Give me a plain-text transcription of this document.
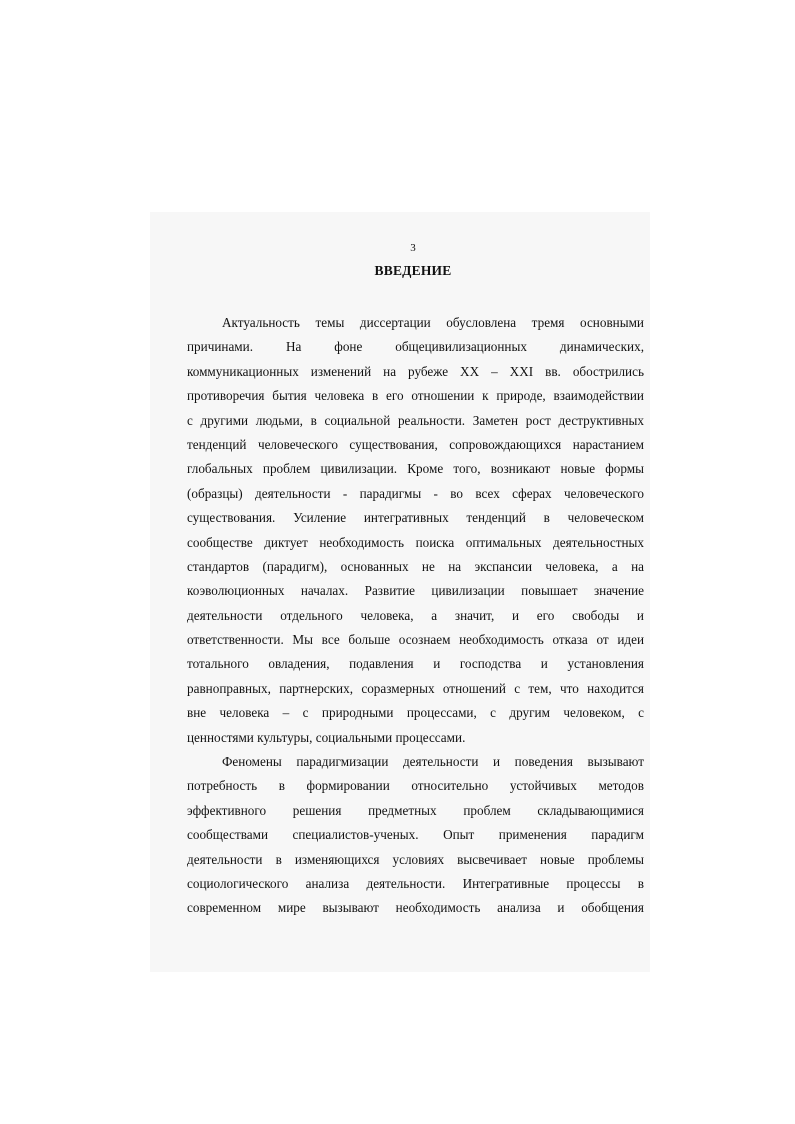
3
ВВЕДЕНИЕ
Актуальность темы диссертации обусловлена тремя основными
причинами. На фоне общецивилизационных динамических,
коммуникационных изменений на рубеже XX – XXI вв. обострились
противоречия бытия человека в его отношении к природе, взаимодействии
с другими людьми, в социальной реальности. Заметен рост деструктивных
тенденций человеческого существования, сопровождающихся нарастанием
глобальных проблем цивилизации. Кроме того, возникают новые формы
(образцы) деятельности - парадигмы - во всех сферах человеческого
существования. Усиление интегративных тенденций в человеческом
сообществе диктует необходимость поиска оптимальных деятельностных
стандартов (парадигм), основанных не на экспансии человека, а на
коэволюционных началах. Развитие цивилизации повышает значение
деятельности отдельного человека, а значит, и его свободы и
ответственности. Мы все больше осознаем необходимость отказа от идеи
тотального овладения, подавления и господства и установления
равноправных, партнерских, соразмерных отношений с тем, что находится
вне человека – с природными процессами, с другим человеком, с
ценностями культуры, социальными процессами.
Феномены парадигмизации деятельности и поведения вызывают
потребность в формировании относительно устойчивых методов
эффективного решения предметных проблем складывающимися
сообществами специалистов-ученых. Опыт применения парадигм
деятельности в изменяющихся условиях высвечивает новые проблемы
социологического анализа деятельности. Интегративные процессы в
современном мире вызывают необходимость анализа и обобщения
